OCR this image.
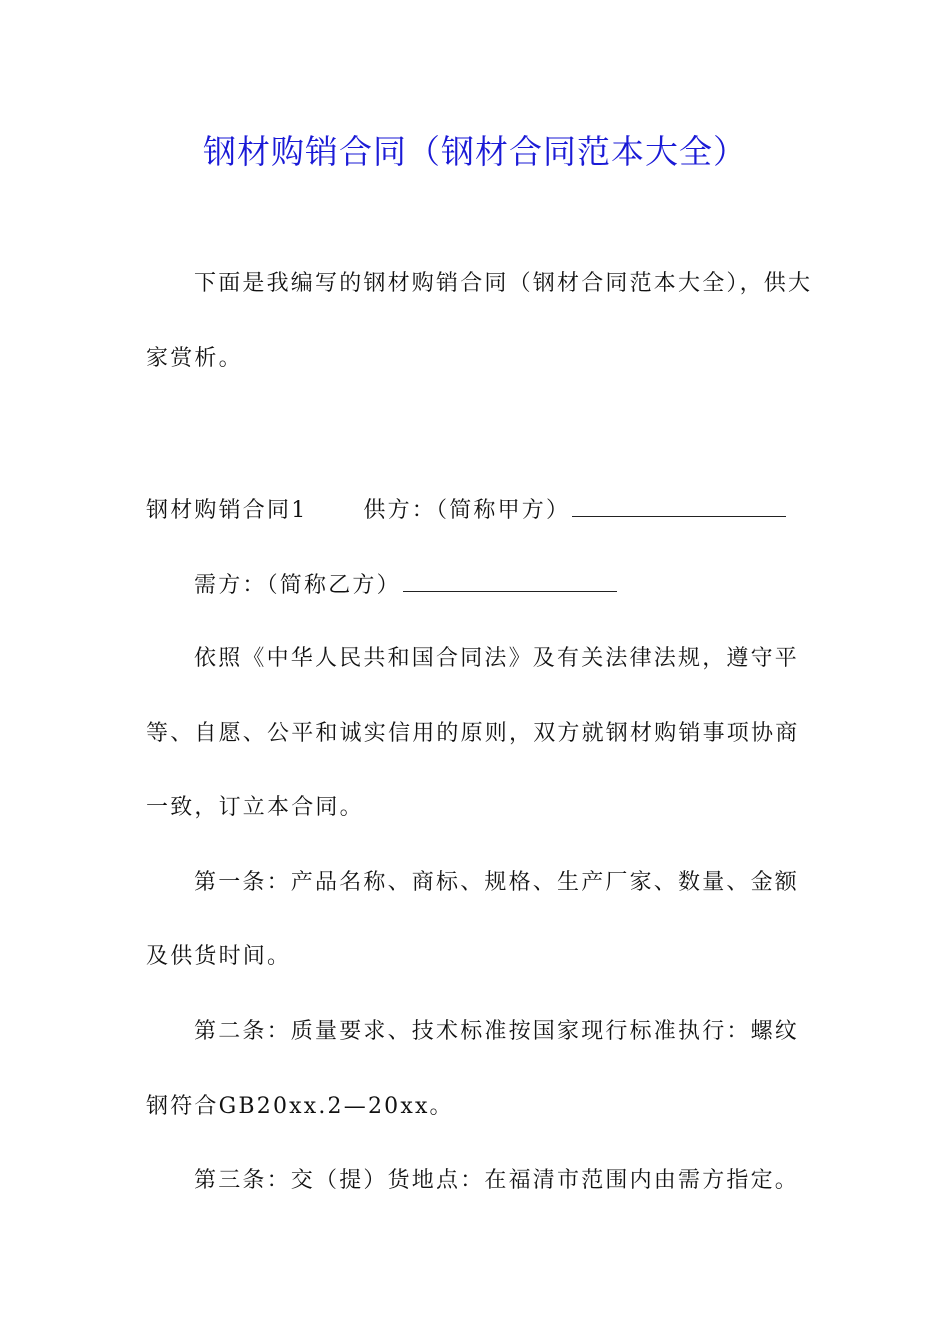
钢材购销合同（钢材合同范本大全）
下面是我编写的钢材购销合同（钢材合同范本大全），供大
家赏析。
钢材购销合同1	供方：（简称甲方）
需方：（简称乙方）
依照《中华人民共和国合同法》及有关法律法规，遵守平
等、自愿、公平和诚实信用的原则，双方就钢材购销事项协商
一致，订立本合同。
第一条：产品名称、商标、规格、生产厂家、数量、金额
及供货时间。
第二条：质量要求、技术标准按国家现行标准执行：螺纹
钢符合GB20xx.2—20xx。
第三条：交（提）货地点：在福清市范围内由需方指定。
